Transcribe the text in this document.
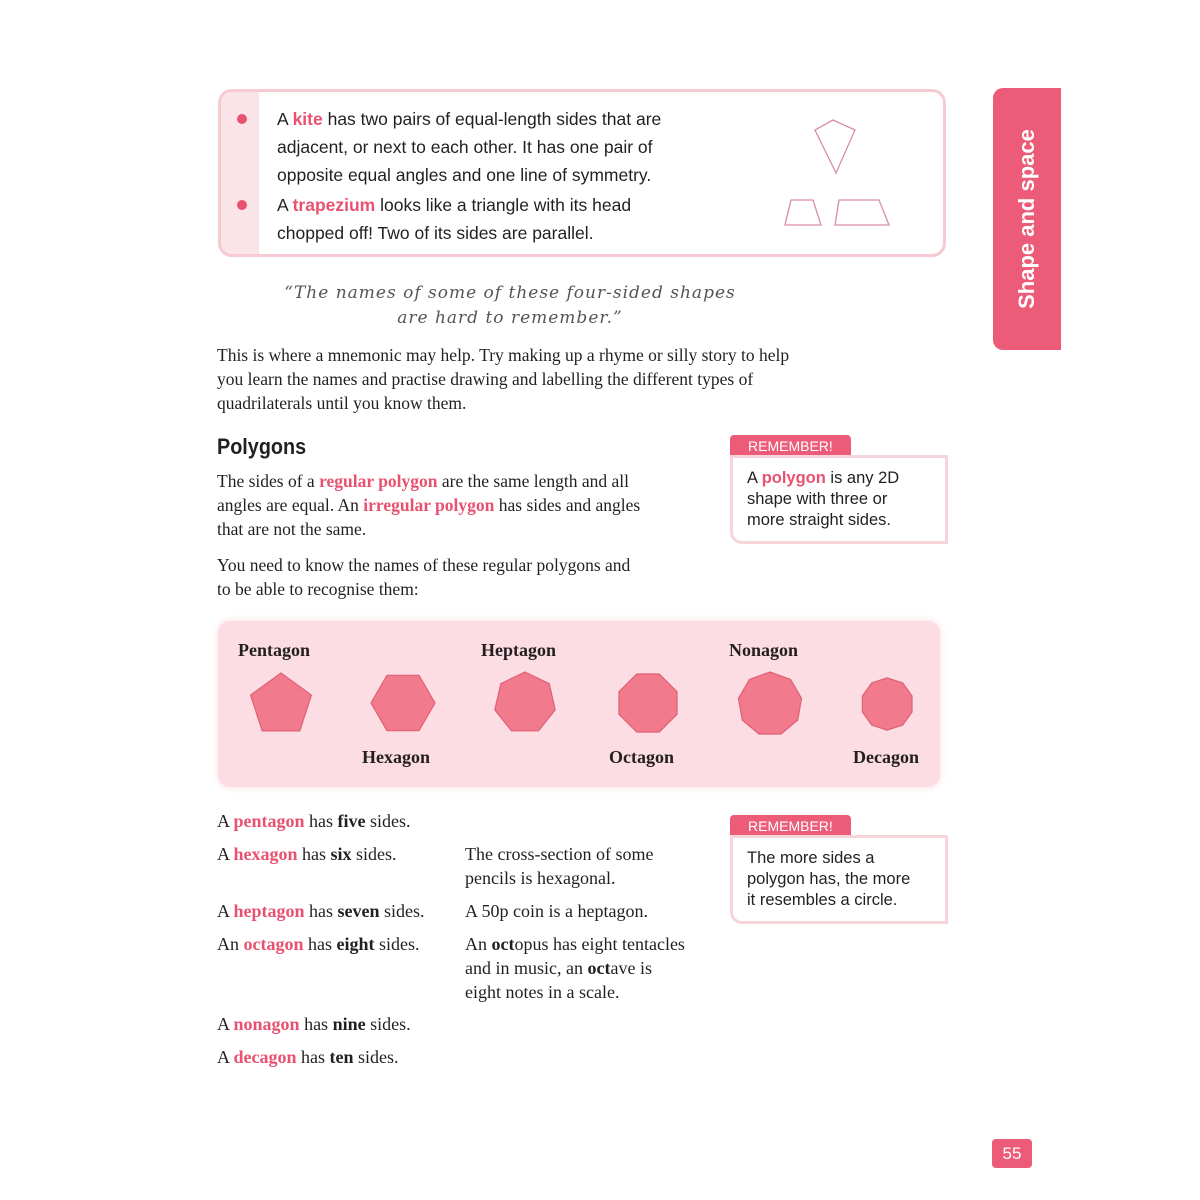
A kite has two pairs of equal-length sides that are
adjacent, or next to each other. It has one pair of
opposite equal angles and one line of symmetry.
A trapezium looks like a triangle with its head
chopped off! Two of its sides are parallel.	Shape and space
“The names of some of these four-sided shapes
are hard to remember.”
This is where a mnemonic may help. Try making up a rhyme or silly story to help
you learn the names and practise drawing and labelling the different types of
quadrilaterals until you know them.
Polygons
The sides of a regular polygon are the same length and all
angles are equal. An irregular polygon has sides and angles
that are not the same.
You need to know the names of these regular polygons and
to be able to recognise them:
REMEMBER!
A polygon is any 2D
shape with three or
more straight sides.
Pentagon
Hexagon
Heptagon
Octagon
Nonagon
Decagon
A pentagon has five sides.
A hexagon has six sides.
A heptagon has seven sides.
An octagon has eight sides.
A nonagon has nine sides.
A decagon has ten sides.
The cross-section of some
pencils is hexagonal.
A 50p coin is a heptagon.
An octopus has eight tentacles
and in music, an octave is
eight notes in a scale.
REMEMBER!
The more sides a
polygon has, the more
it resembles a circle.
55
